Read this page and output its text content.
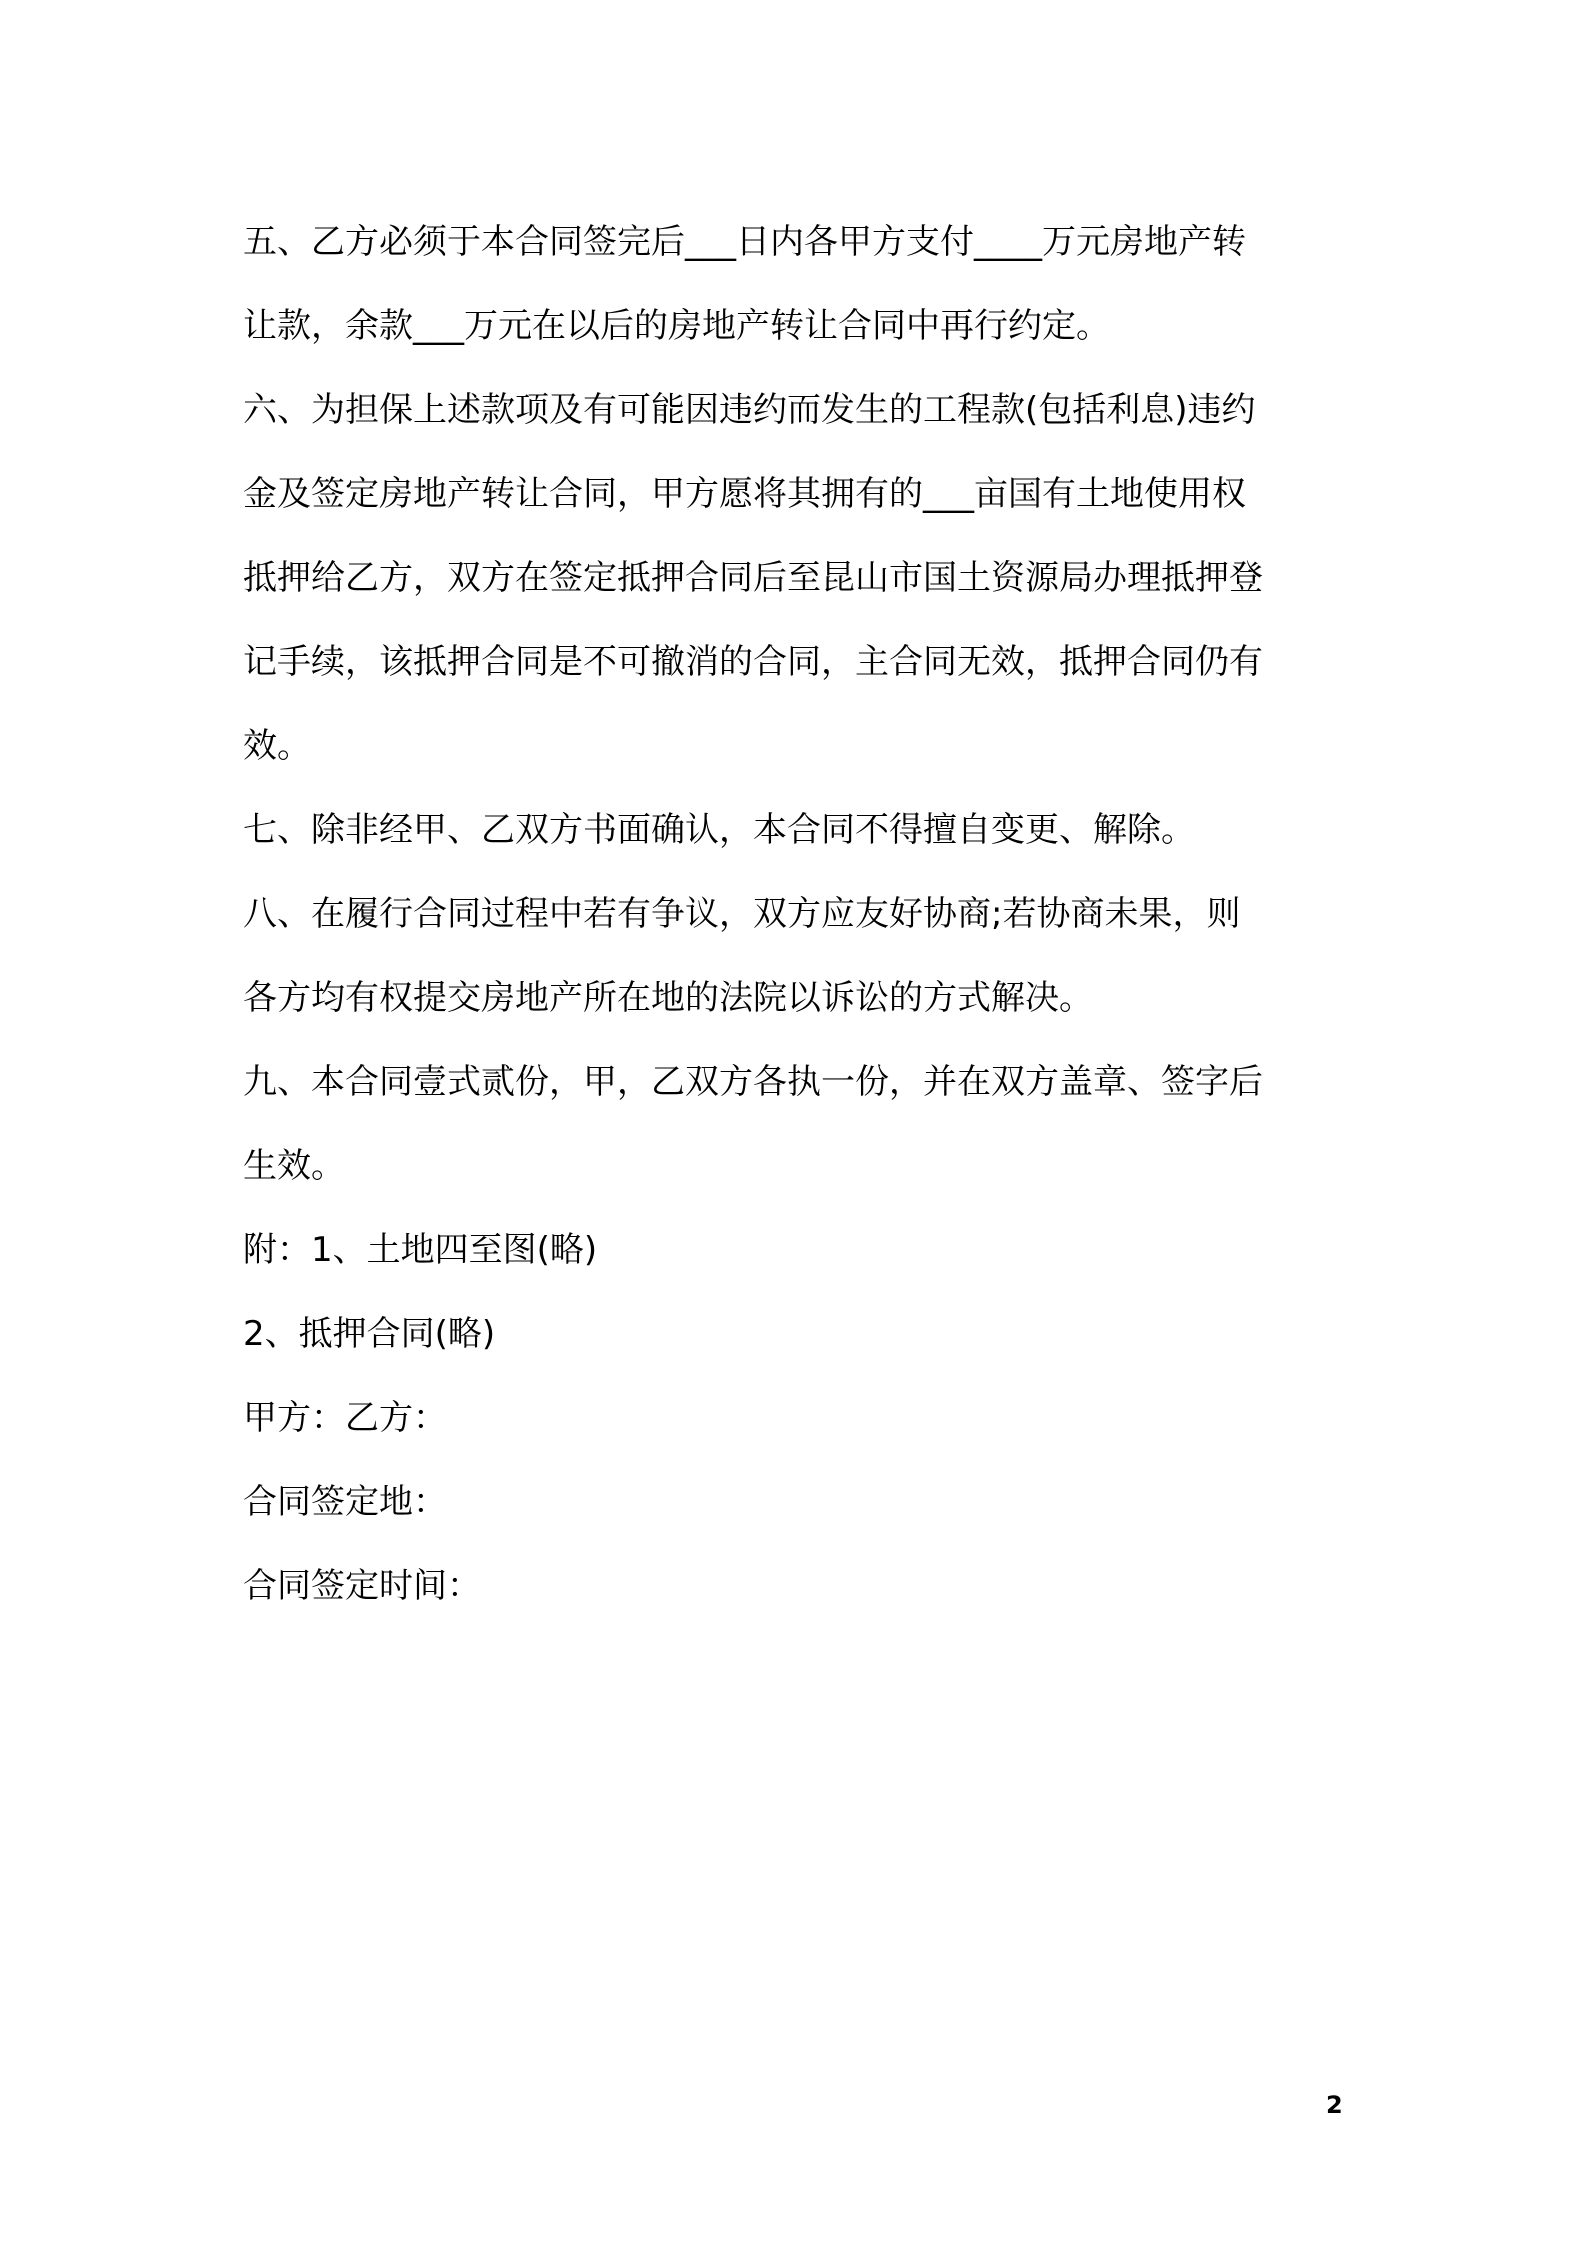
五、乙方必须于本合同签完后___日内各甲方支付____万元房地产转
让款，余款___万元在以后的房地产转让合同中再行约定。
六、为担保上述款项及有可能因违约而发生的工程款(包括利息)违约
金及签定房地产转让合同，甲方愿将其拥有的___亩国有土地使用权
抵押给乙方，双方在签定抵押合同后至昆山市国土资源局办理抵押登
记手续，该抵押合同是不可撤消的合同，主合同无效，抵押合同仍有
效。
七、除非经甲、乙双方书面确认，本合同不得擅自变更、解除。
八、在履行合同过程中若有争议，双方应友好协商;若协商未果，则
各方均有权提交房地产所在地的法院以诉讼的方式解决。
九、本合同壹式贰份，甲，乙双方各执一份，并在双方盖章、签字后
生效。
附：1、土地四至图(略)
2、抵押合同(略)
甲方：乙方：
合同签定地：
合同签定时间：
2
